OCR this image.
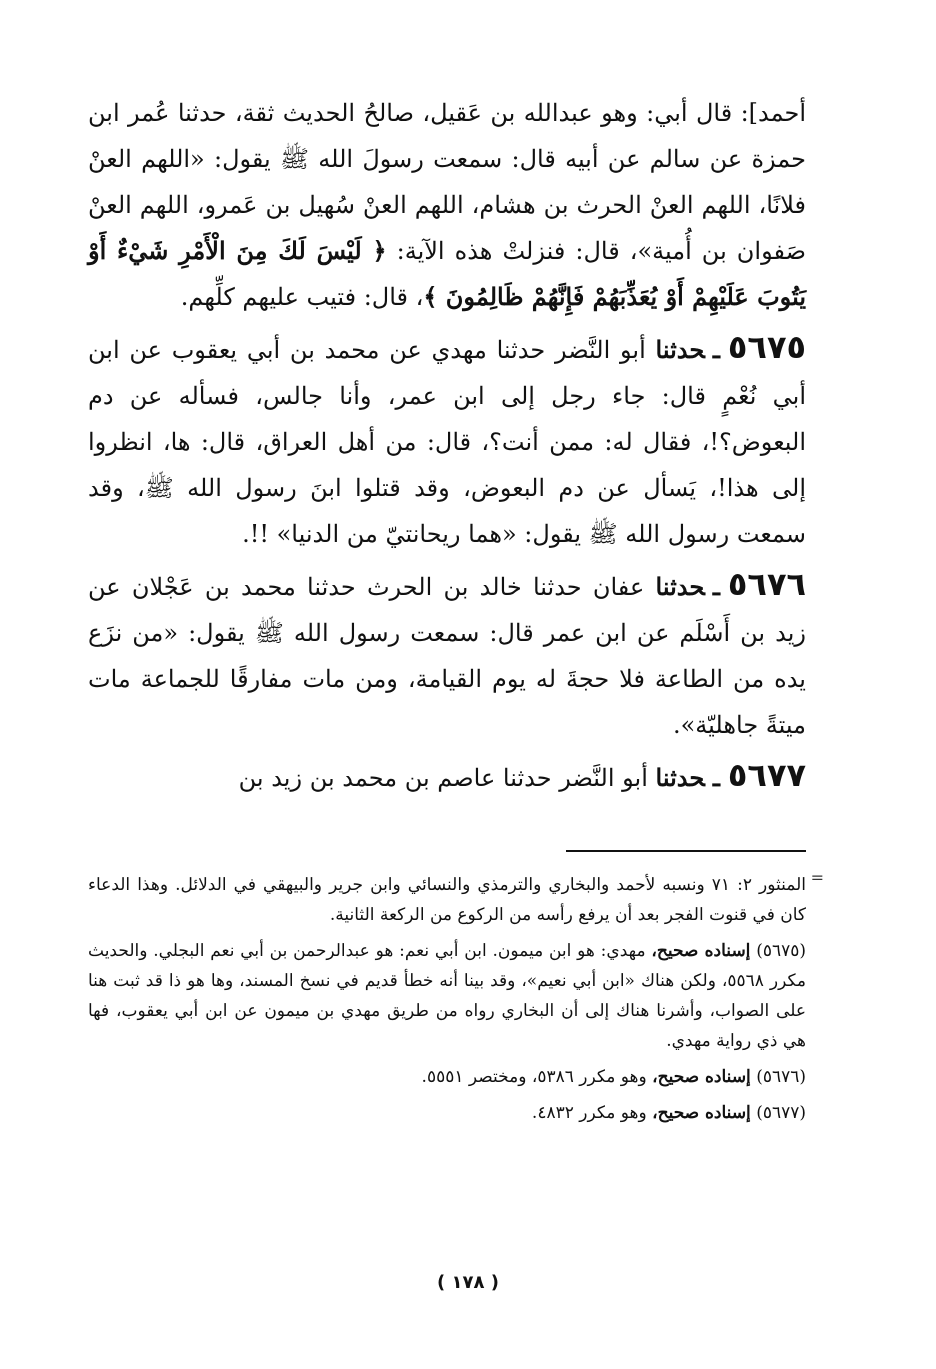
أحمد]: قال أبي: وهو عبدالله بن عَقيل، صالحُ الحديث ثقة، حدثنا عُمر ابن حمزة عن سالم عن أبيه قال: سمعت رسولَ الله ﷺ يقول: «اللهم العنْ فلانًا، اللهم العنْ الحرث بن هشام، اللهم العنْ سُهيل بن عَمرو، اللهم العنْ صَفوان بن أُمية»، قال: فنزلتْ هذه الآية: ﴿ لَيْسَ لَكَ مِنَ الْأَمْرِ شَيْءٌ أَوْ يَتُوبَ عَلَيْهِمْ أَوْ يُعَذِّبَهُمْ فَإِنَّهُمْ ظَالِمُونَ ﴾، قال: فتيب عليهم كلِّهم.

٥٦٧٥ـحدثنا أبو النَّضر حدثنا مهدي عن محمد بن أبي يعقوب عن ابن أبي نُعْمٍ قال: جاء رجل إلى ابن عمر، وأنا جالس، فسأله عن دم البعوض؟!، فقال له: ممن أنت؟، قال: من أهل العراق، قال: ها، انظروا إلى هذا!، يَسأل عن دم البعوض، وقد قتلوا ابنَ رسول الله ﷺ، وقد سمعت رسول الله ﷺ يقول: «هما ريحانتيّ من الدنيا» !!.

٥٦٧٦ـحدثنا عفان حدثنا خالد بن الحرث حدثنا محمد بن عَجْلان عن زيد بن أَسْلَم عن ابن عمر قال: سمعت رسول الله ﷺ يقول: «من نزَع يده من الطاعة فلا حجةَ له يوم القيامة، ومن مات مفارقًا للجماعة مات ميتةً جاهليّة».

٥٦٧٧ـحدثنا أبو النَّضر حدثنا عاصم بن محمد بن زيد بن

=

المنثور ٢: ٧١ ونسبه لأحمد والبخاري والترمذي والنسائي وابن جرير والبيهقي في الدلائل. وهذا الدعاء كان في قنوت الفجر بعد أن يرفع رأسه من الركوع من الركعة الثانية.

(٥٦٧٥) إسناده صحيح، مهدي: هو ابن ميمون. ابن أبي نعم: هو عبدالرحمن بن أبي نعم البجلي. والحديث مكرر ٥٥٦٨، ولكن هناك «ابن أبي نعيم»، وقد بينا أنه خطأ قديم في نسخ المسند، وها هو ذا قد ثبت هنا على الصواب، وأشرنا هناك إلى أن البخاري رواه من طريق مهدي بن ميمون عن ابن أبي يعقوب، فها هي ذي رواية مهدي.

(٥٦٧٦) إسناده صحيح، وهو مكرر ٥٣٨٦، ومختصر ٥٥٥١.

(٥٦٧٧) إسناده صحيح، وهو مكرر ٤٨٣٢.

( ١٧٨ )
